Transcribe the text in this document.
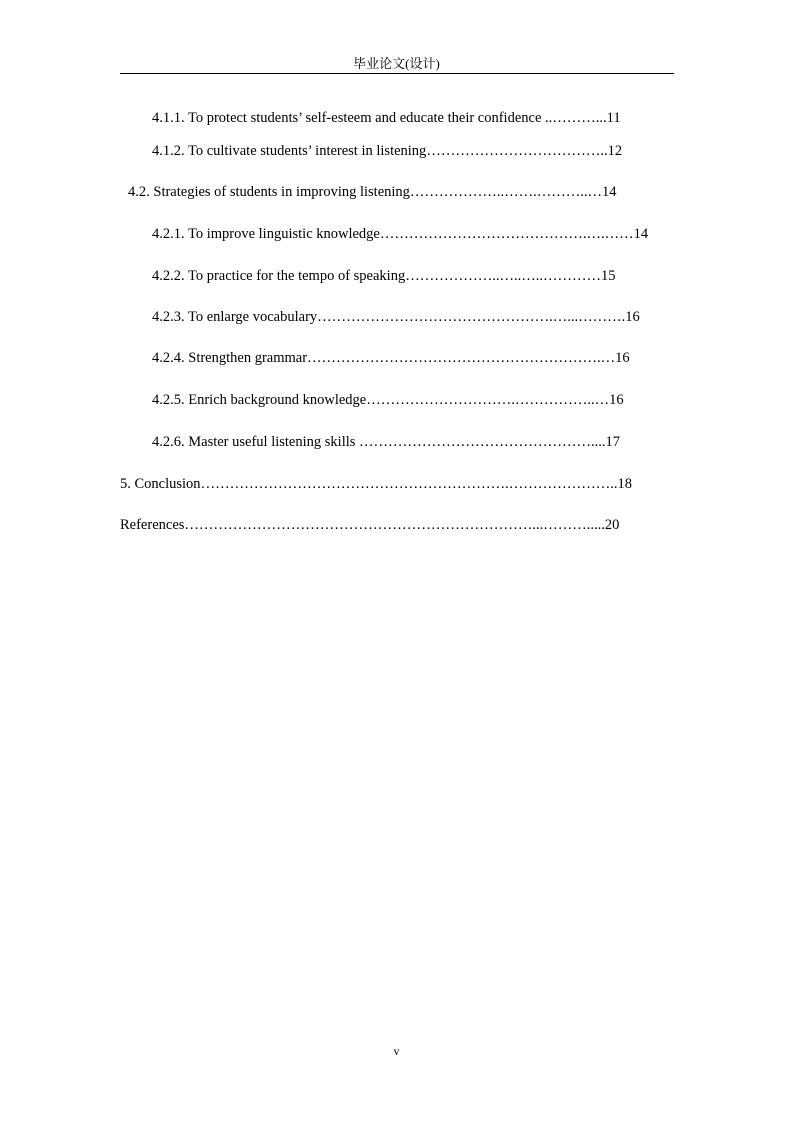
毕业论文(设计)
4.1.1. To protect students’ self-esteem and educate their confidence ..………...11
4.1.2. To cultivate students’ interest in listening………………………………..12
4.2. Strategies of students in improving listening………………..…….………..…14
4.2.1. To improve linguistic knowledge…………………………………….….……14
4.2.2. To practice for the tempo of speaking………………..…..…..…………15
4.2.3. To enlarge vocabulary………………………………………….…...……….16
4.2.4. Strengthen grammar…………………………………………………….…16
4.2.5. Enrich background knowledge………………………….……………..…16
4.2.6. Master useful listening skills …………………………………………....17
5. Conclusion……………………………………………………….…………………..18
References………………………………………………………………...……….....20
v
